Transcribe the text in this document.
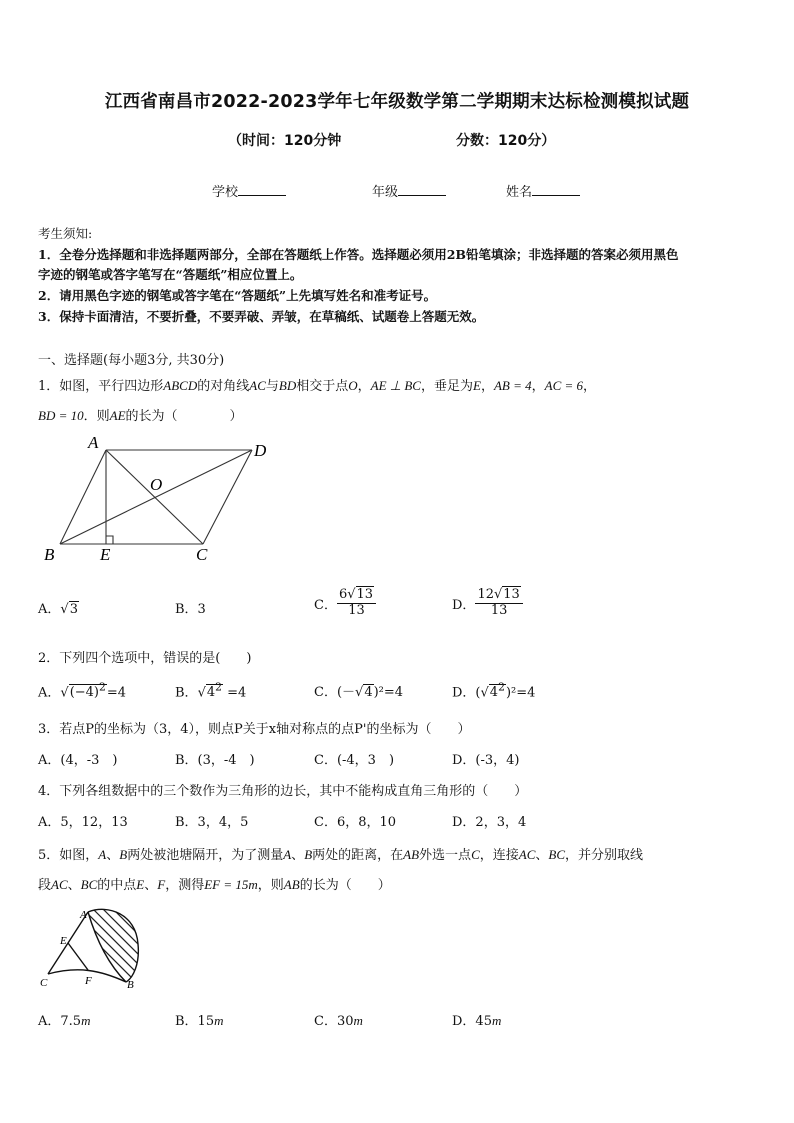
江西省南昌市2022-2023学年七年级数学第二学期期末达标检测模拟试题
（时间：120分钟	分数：120分）
学校	年级	姓名
考生须知:
1．全卷分选择题和非选择题两部分，全部在答题纸上作答。选择题必须用2B铅笔填涂；非选择题的答案必须用黑色
字迹的钢笔或答字笔写在“答题纸”相应位置上。
2．请用黑色字迹的钢笔或答字笔在“答题纸”上先填写姓名和准考证号。
3．保持卡面清洁，不要折叠，不要弄破、弄皱，在草稿纸、试题卷上答题无效。
一、选择题(每小题3分, 共30分)
1．如图，平行四边形ABCD的对角线AC与BD相交于点O，AE ⊥ BC，垂足为E，AB = 4，AC = 6，
BD = 10．则AE的长为（　　　　）
A	D
O
B	E	C
A．√3	B．3	C． $\frac{6√13}{13}$	D． $\frac{12√13}{13}$
2．下列四个选项中，错误的是(　　)
A．$√(-4)^2=4$	B．$√4^2 =4$	C．(－√4)²=4	D．$(√4^2)^2=4$
3．若点P的坐标为（3，4），则点P关于x轴对称点的点P'的坐标为（　　）
A．(4，-3　)	B．(3，-4　)	C．(-4，3　)	D．(-3，4)
4．下列各组数据中的三个数作为三角形的边长，其中不能构成直角三角形的（　　）
A．5，12，13	B．3，4，5	C．6，8，10	D．2，3，4
5．如图，A、B两处被池塘隔开，为了测量A、B两处的距离，在AB外选一点C，连接AC、BC，并分别取线
段AC、BC的中点E、F，测得EF = 15m，则AB的长为（　　）
A
E
C	F	B
A．7.5m	B．15m	C．30m	D．45m
